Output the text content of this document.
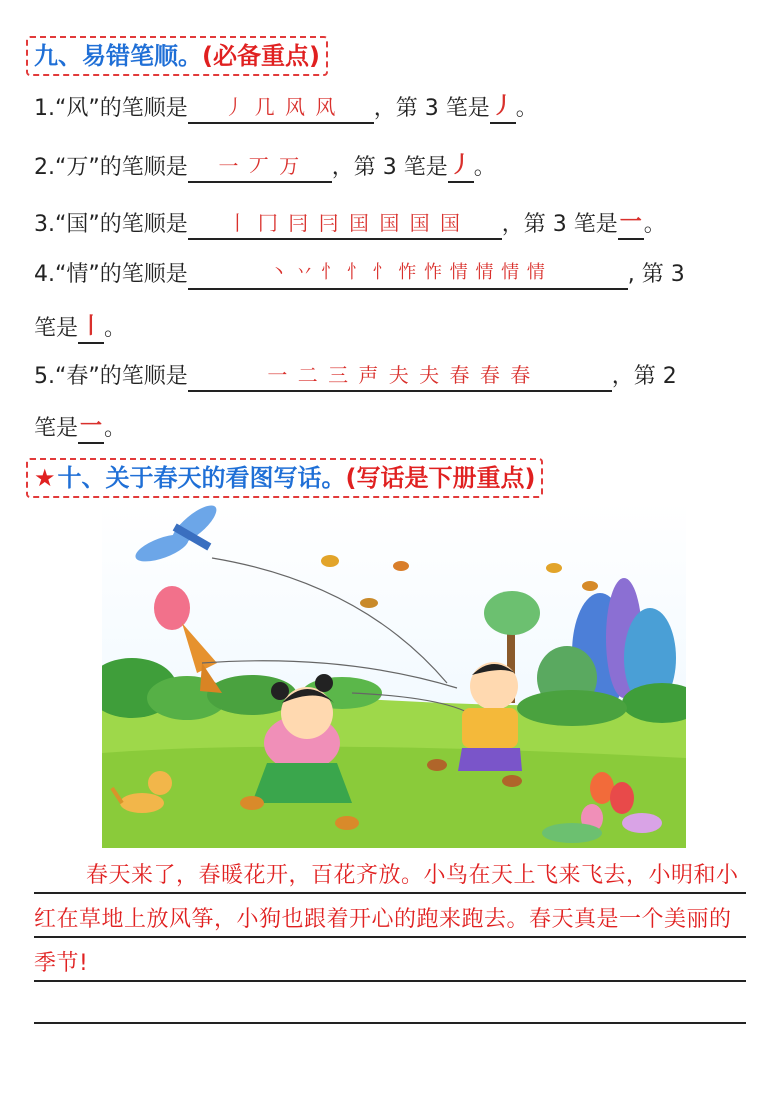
九、易错笔顺。(必备重点)
1.“风”的笔顺是 丿 几 风 风 ，第 3 笔是丿。
2.“万”的笔顺是 一 丆 万 ，第 3 笔是丿。
3.“国”的笔顺是 丨 冂 冃 冃 囯 国 国 国 ，第 3 笔是一。
4.“情”的笔顺是	丶 丷 忄 忄 忄 怍 怍 情 情 情 情	, 第 3
笔是丨。
5.“春”的笔顺是	一 二 三 声 夫 夫 春 春 春	，第 2
笔是一。
★十、关于春天的看图写话。(写话是下册重点)
春天来了，春暖花开，百花齐放。小鸟在天上飞来飞去，小明和小红在草地上放风筝，小狗也跟着开心的跑来跑去。春天真是一个美丽的季节!
